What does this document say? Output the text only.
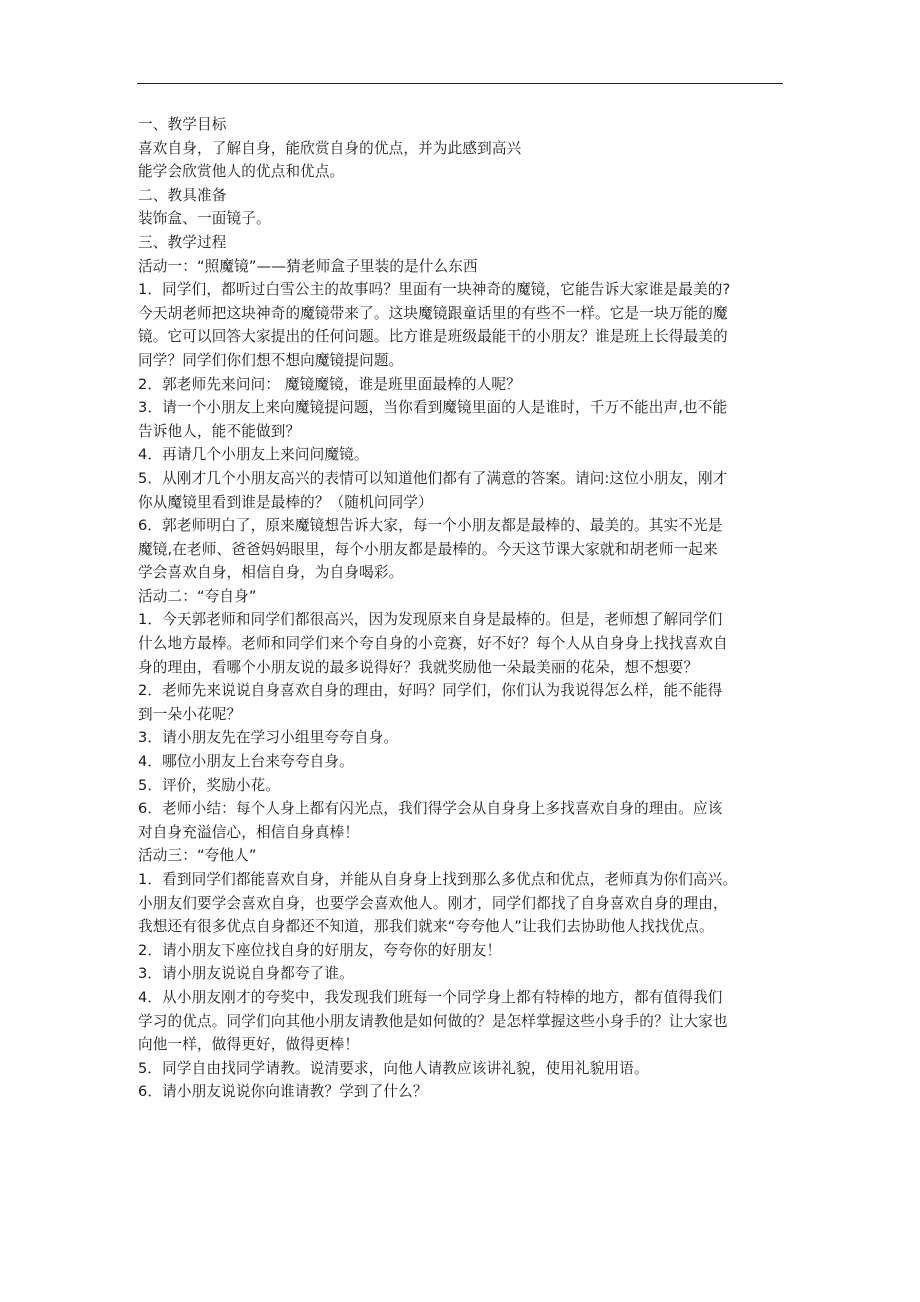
一、教学目标
喜欢自身，了解自身，能欣赏自身的优点，并为此感到高兴
能学会欣赏他人的优点和优点。
二、教具准备
装饰盒、一面镜子。
三、教学过程
活动一：“照魔镜”——猜老师盒子里装的是什么东西
1．同学们，都听过白雪公主的故事吗？里面有一块神奇的魔镜，它能告诉大家谁是最美的?
今天胡老师把这块神奇的魔镜带来了。这块魔镜跟童话里的有些不一样。它是一块万能的魔
镜。它可以回答大家提出的任何问题。比方谁是班级最能干的小朋友？谁是班上长得最美的
同学？同学们你们想不想向魔镜提问题。
2．郭老师先来问问： 魔镜魔镜，谁是班里面最棒的人呢？
3．请一个小朋友上来向魔镜提问题，当你看到魔镜里面的人是谁时，千万不能出声,也不能
告诉他人，能不能做到？
4．再请几个小朋友上来问问魔镜。
5．从刚才几个小朋友高兴的表情可以知道他们都有了满意的答案。请问:这位小朋友，刚才
你从魔镜里看到谁是最棒的？（随机问同学）
6．郭老师明白了，原来魔镜想告诉大家，每一个小朋友都是最棒的、最美的。其实不光是
魔镜,在老师、爸爸妈妈眼里，每个小朋友都是最棒的。今天这节课大家就和胡老师一起来
学会喜欢自身，相信自身，为自身喝彩。
活动二：“夸自身”
1．今天郭老师和同学们都很高兴，因为发现原来自身是最棒的。但是，老师想了解同学们
什么地方最棒。老师和同学们来个夸自身的小竞赛，好不好？每个人从自身身上找找喜欢自
身的理由，看哪个小朋友说的最多说得好？我就奖励他一朵最美丽的花朵，想不想要？
2．老师先来说说自身喜欢自身的理由，好吗？同学们，你们认为我说得怎么样，能不能得
到一朵小花呢？
3．请小朋友先在学习小组里夸夸自身。
4．哪位小朋友上台来夸夸自身。
5．评价，奖励小花。
6．老师小结：每个人身上都有闪光点，我们得学会从自身身上多找喜欢自身的理由。应该
对自身充溢信心，相信自身真棒！
活动三：“夸他人”
1．看到同学们都能喜欢自身，并能从自身身上找到那么多优点和优点，老师真为你们高兴。
小朋友们要学会喜欢自身，也要学会喜欢他人。刚才，同学们都找了自身喜欢自身的理由，
我想还有很多优点自身都还不知道，那我们就来“夸夸他人”让我们去协助他人找找优点。
2．请小朋友下座位找自身的好朋友，夸夸你的好朋友！
3．请小朋友说说自身都夸了谁。
4．从小朋友刚才的夸奖中，我发现我们班每一个同学身上都有特棒的地方，都有值得我们
学习的优点。同学们向其他小朋友请教他是如何做的？是怎样掌握这些小身手的？让大家也
向他一样，做得更好，做得更棒！
5．同学自由找同学请教。说清要求，向他人请教应该讲礼貌，使用礼貌用语。
6．请小朋友说说你向谁请教？学到了什么？
